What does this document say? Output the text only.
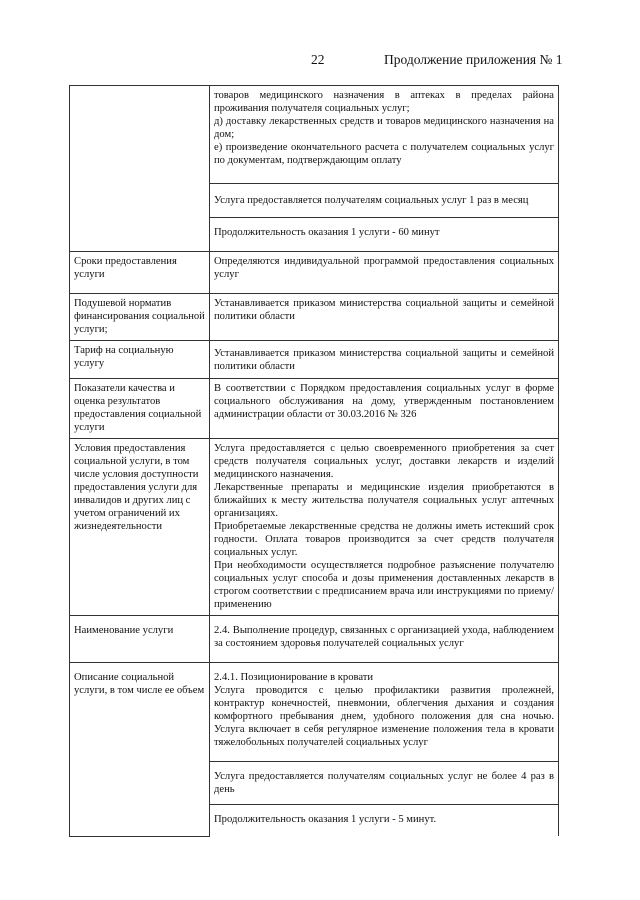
22	Продолжение приложения № 1

	товаров медицинского назначения в аптеках в пределах района проживания получателя социальных услуг;

д) доставку лекарственных средств и товаров медицинского назначения на дом;

е) произведение окончательного расчета с получателем социальных услуг по документам, подтверждающим оплату

	Услуга предоставляется получателям социальных услуг 1 раз в месяц

	Продолжительность оказания 1 услуги - 60 минут

Сроки предоставления услуги	Определяются индивидуальной программой предоставления социальных услуг
Подушевой норматив финансирования социальной услуги;	Устанавливается приказом министерства социальной защиты и семейной политики области
Тариф на социальную услугу	Устанавливается приказом министерства социальной защиты и семейной политики области
Показатели качества и оценка результатов предоставления социальной услуги	В соответствии с Порядком предоставления социальных услуг в форме социального обслуживания на дому, утвержденным постановлением администрации области от 30.03.2016 № 326
Условия предоставления социальной услуги, в том числе условия доступности предоставления услуги для инвалидов и других лиц с учетом ограничений их жизнедеятельности	Услуга предоставляется с целью своевременного приобретения за счет средств получателя социальных услуг, доставки лекарств и изделий медицинского назначения.

Лекарственные препараты и медицинские изделия приобретаются в ближайших к месту жительства получателя социальных услуг аптечных организациях.

Приобретаемые лекарственные средства не должны иметь истекший срок годности. Оплата товаров производится за счет средств получателя социальных услуг.

При необходимости осуществляется подробное разъяснение получателю социальных услуг способа и дозы применения доставленных лекарств в строгом соответствии с предписанием врача или инструкциями по приему/применению

Наименование услуги	2.4. Выполнение процедур, связанных с организацией ухода, наблюдением за состоянием здоровья получателей социальных услуг
Описание социальной услуги, в том числе ее объем	2.4.1. Позиционирование в кровати

Услуга проводится с целью профилактики развития пролежней, контрактур конечностей, пневмонии, облегчения дыхания и создания комфортного пребывания днем, удобного положения для сна ночью. Услуга включает в себя регулярное изменение положения тела в кровати тяжелобольных получателей социальных услуг

	Услуга предоставляется получателям социальных услуг не более 4 раз в день

	Продолжительность оказания 1 услуги - 5 минут.
